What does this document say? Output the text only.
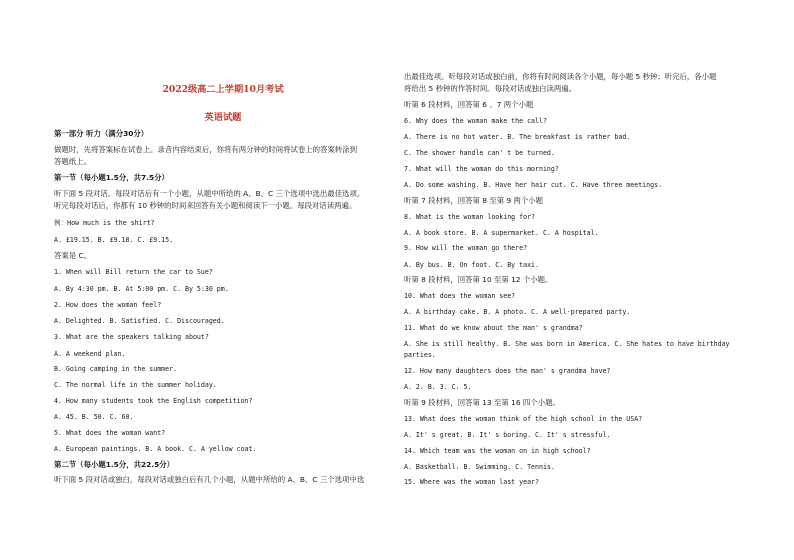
2022级高二上学期10月考试
英语试题
第一部分 听力（满分30分）
做题时，先将答案标在试卷上。录音内容结束后，你将有两分钟的时间将试卷上的答案转涂到
答题纸上。
第一节（每小题1.5分，共7.5分）
听下面 5 段对话。每段对话后有一个小题，从题中所给的 A、B、C 三个选项中选出最佳选项。
听完每段对话后，你都有 10 秒钟的时间来回答有关小题和阅读下一小题。每段对话读两遍。
例：How much is the shirt?
A. £19.15. B. £9.18. C. £9.15.
答案是 C。
1. When will Bill return the car to Sue?
A. By 4:30 pm. B. At 5:00 pm. C. By 5:30 pm.
2. How does the woman feel?
A. Delighted. B. Satisfied. C. Discouraged.
3. What are the speakers talking about?
A. A weekend plan.
B. Going camping in the summer.
C. The normal life in the summer holiday.
4. How many students took the English competition?
A. 45. B. 50. C. 60.
5. What does the woman want?
A. European paintings. B. A book. C. A yellow coat.
第二节（每小题1.5分，共22.5分）
听下面 5 段对话或独白，每段对话或独白后有几个小题，从题中所给的 A、B、C 三个选项中选
出最佳选项。听每段对话或独白前，你将有时间阅读各个小题，每小题 5 秒钟；听完后，各小题
将给出 5 秒钟的作答时间。每段对话或独白读两遍。
听第 6 段材料，回答第 6 、7 两个小题
6. Why does the woman make the call?
A. There is no hot water. B. The breakfast is rather bad.
C. The shower handle can' t be turned.
7. What will the woman do this morning?
A. Do some washing. B. Have her hair cut. C. Have three meetings.
听第 7 段材料，回答第 8 至第 9 两个小题
8. What is the woman looking for?
A. A book store. B. A supermarket. C. A hospital.
9. How will the woman go there?
A. By bus. B. On foot. C. By taxi.
听第 8 段材料，回答第 10 至第 12 个小题。
10. What does the woman see?
A. A birthday cake. B. A photo. C. A well-prepared party.
11. What do we know about the man' s grandma?
A. She is still healthy. B. She was born in America. C. She hates to have birthday
parties.
12. How many daughters does the man' s grandma have?
A. 2. B. 3. C. 5.
听第 9 段材料，回答第 13 至第 16 四个小题。
13. What does the woman think of the high school in the USA?
A. It' s great. B. It' s boring. C. It' s stressful.
14. Which team was the woman on in high school?
A. Basketball. B. Swimming. C. Tennis.
15. Where was the woman last year?
